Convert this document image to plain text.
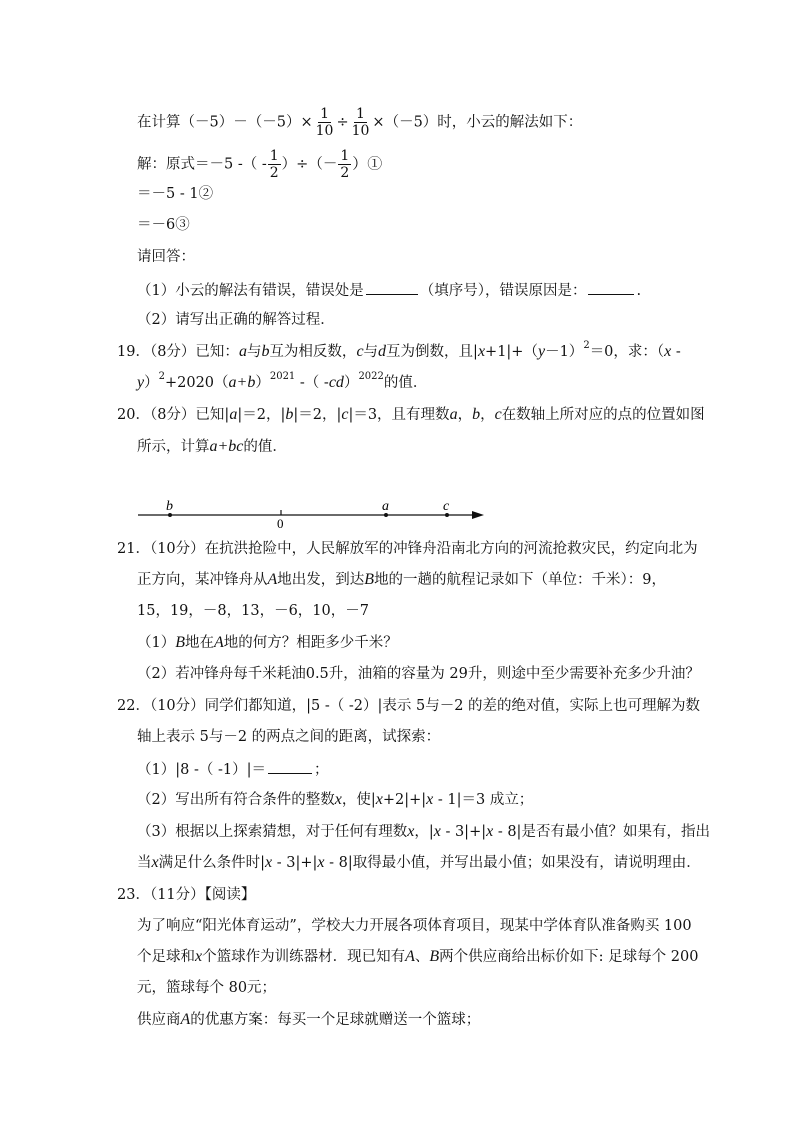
在计算$(-5)-(-5)\times \frac{1}{10} \div \frac{1}{10} \times(-5)$时，小云的解法如下：
解：原式＝－5 -（ - $\frac{1}{2}$ ）÷（－ $\frac{1}{2}$ ）①
＝－5 - 1②
＝－6③
请回答：
（1）小云的解法有错误，错误处是	（填序号），错误原因是：	.
（2）请写出正确的解答过程．
19．（8分）已知：a与b互为相反数，c与d互为倒数，且$|x+1|+(y-1)^2=0$，求：（x -
$y)^2+2020(a+b)^{2021}$ -（ -cd）$^{2022}$的值．
20．（8分）已知|a|＝2，|b|＝2，|c|＝3，且有理数a，b，c在数轴上所对应的点的位置如图
所示，计算a+bc的值．
b
0
a	c
21．（10分）在抗洪抢险中，人民解放军的冲锋舟沿南北方向的河流抢救灾民，约定向北为
正方向，某冲锋舟从A地出发，到达B地的一趟的航程记录如下（单位：千米）：9，
15，19，－8，13，－6，10，－7
（1）B地在A地的何方？相距多少千米？
（2）若冲锋舟每千米耗油0.5升，油箱的容量为 29升，则途中至少需要补充多少升油？
22．（10分）同学们都知道，|5 -（ -2）|表示 5与－2 的差的绝对值，实际上也可理解为数
轴上表示 5与－2 的两点之间的距离，试探索：
（1）|8 -（ -1）|＝	；
（2）写出所有符合条件的整数x，使|x+2|+|x - 1|＝3 成立；
（3）根据以上探索猜想，对于任何有理数x，|x - 3|+|x - 8|是否有最小值？如果有，指出
当x满足什么条件时|x - 3|+|x - 8|取得最小值，并写出最小值；如果没有，请说明理由．
23．（11分）【阅读】
为了响应“阳光体育运动”，学校大力开展各项体育项目，现某中学体育队准备购买 100
个足球和x个篮球作为训练器材．现已知有A、B两个供应商给出标价如下: 足球每个 200
元，篮球每个 80元；
供应商A的优惠方案：每买一个足球就赠送一个篮球；
